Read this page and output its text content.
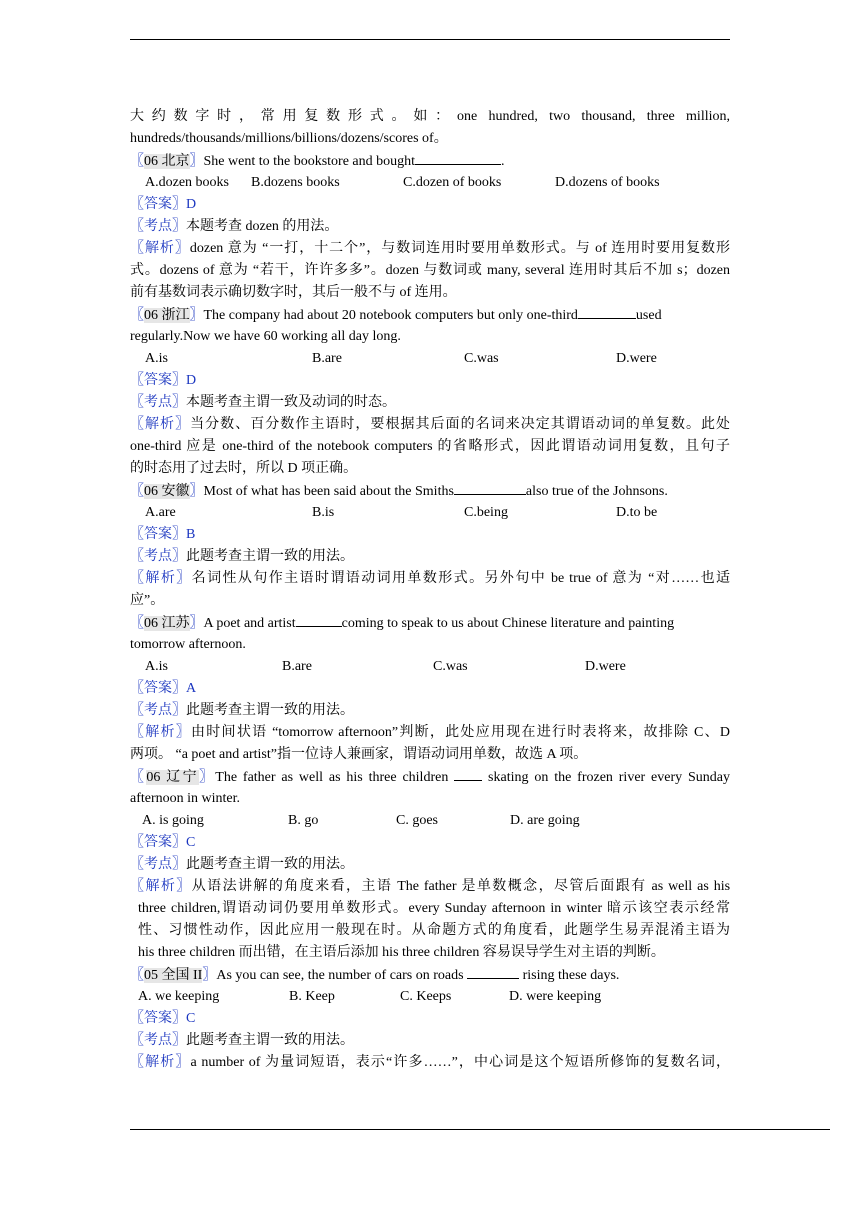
大约数字时，常用复数形式。如：one hundred, two thousand, three million,
hundreds/thousands/millions/billions/dozens/scores of。
〖06 北京〗She went to the bookstore and bought	.
A.dozen books B.dozens books	C.dozen of books	D.dozens of books
〖答案〗D
〖考点〗本题考查 dozen 的用法。
〖解析〗dozen 意为 “一打，十二个”，与数词连用时要用单数形式。与 of 连用时要用复数形
式。dozens of 意为 “若干，许许多多”。dozen 与数词或 many, several 连用时其后不加 s；dozen
前有基数词表示确切数字时，其后一般不与 of 连用。
〖06 浙江〗The company had about 20 notebook computers but only one-third	used
regularly.Now we have 60 working all day long.
A.is	B.are	C.was	D.were
〖答案〗D
〖考点〗本题考查主谓一致及动词的时态。
〖解析〗当分数、百分数作主语时，要根据其后面的名词来决定其谓语动词的单复数。此处
one-third 应是 one-third of the notebook computers 的省略形式，因此谓语动词用复数，且句子
的时态用了过去时，所以 D 项正确。
〖06 安徽〗Most of what has been said about the Smiths	also true of the Johnsons.
A.are	B.is	C.being	D.to be
〖答案〗B
〖考点〗此题考查主谓一致的用法。
〖解析〗名词性从句作主语时谓语动词用单数形式。另外句中 be true of 意为 “对……也适
应”。
〖06 江苏〗A poet and artist	coming to speak to us about Chinese literature and painting
tomorrow afternoon.
A.is	B.are	C.was	D.were
〖答案〗A
〖考点〗此题考查主谓一致的用法。
〖解析〗由时间状语 “tomorrow afternoon”判断，此处应用现在进行时表将来，故排除 C、D
两项。 “a poet and artist”指一位诗人兼画家，谓语动词用单数，故选 A 项。
〖06 辽宁〗The father as well as his three children  skating on the frozen river every Sunday
afternoon in winter.
A. is going	B. go	C. goes	D. are going
〖答案〗C
〖考点〗此题考查主谓一致的用法。
〖解析〗从语法讲解的角度来看，主语 The father 是单数概念，尽管后面跟有 as well as his
three children,谓语动词仍要用单数形式。every Sunday afternoon in winter 暗示该空表示经常
性、习惯性动作，因此应用一般现在时。从命题方式的角度看，此题学生易弄混淆主语为
his three children 而出错，在主语后添加 his three children 容易误导学生对主语的判断。
〖05 全国 II〗As you can see, the number of cars on roads	rising these days.
A. we keeping	B. Keep	C. Keeps	D. were keeping
〖答案〗C
〖考点〗此题考查主谓一致的用法。
〖解析〗a number of 为量词短语，表示“许多……”，中心词是这个短语所修饰的复数名词，
